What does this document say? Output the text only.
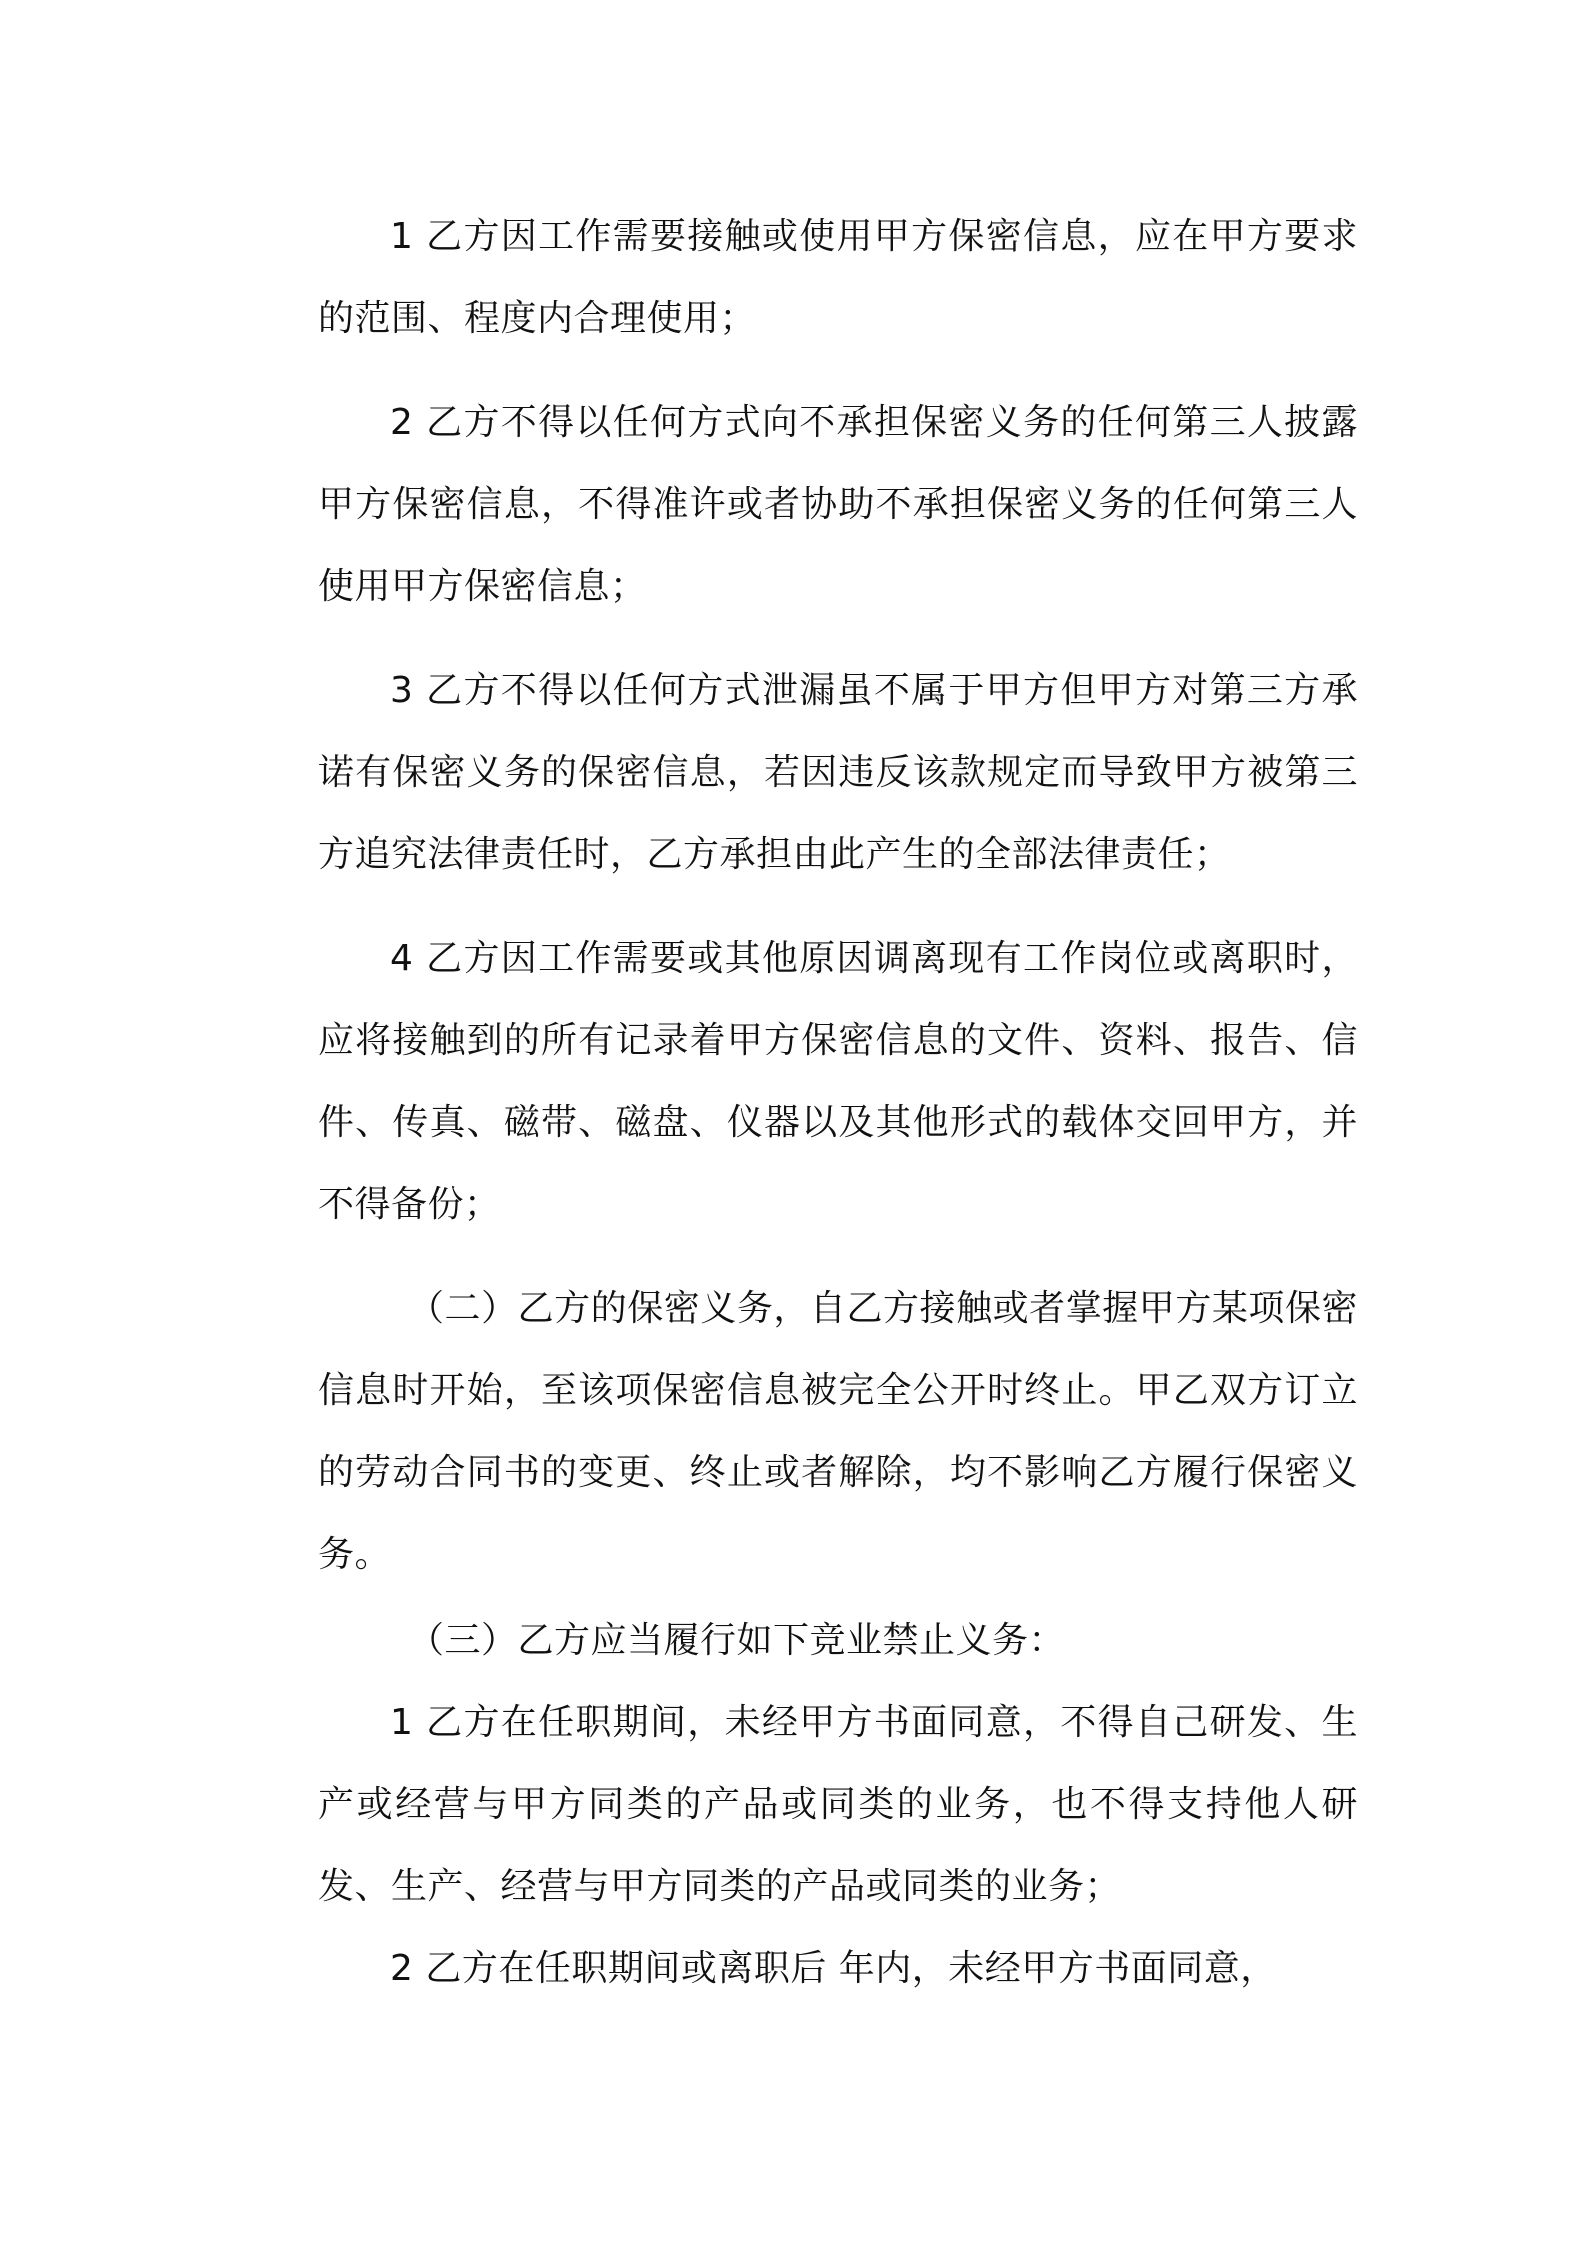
1 乙方因工作需要接触或使用甲方保密信息，应在甲方要求的范围、程度内合理使用；

2 乙方不得以任何方式向不承担保密义务的任何第三人披露甲方保密信息，不得准许或者协助不承担保密义务的任何第三人使用甲方保密信息；

3 乙方不得以任何方式泄漏虽不属于甲方但甲方对第三方承诺有保密义务的保密信息，若因违反该款规定而导致甲方被第三方追究法律责任时，乙方承担由此产生的全部法律责任；

4 乙方因工作需要或其他原因调离现有工作岗位或离职时，应将接触到的所有记录着甲方保密信息的文件、资料、报告、信件、传真、磁带、磁盘、仪器以及其他形式的载体交回甲方，并不得备份；

（二）乙方的保密义务，自乙方接触或者掌握甲方某项保密信息时开始，至该项保密信息被完全公开时终止。甲乙双方订立的劳动合同书的变更、终止或者解除，均不影响乙方履行保密义务。

（三）乙方应当履行如下竞业禁止义务：

1 乙方在任职期间，未经甲方书面同意，不得自己研发、生产或经营与甲方同类的产品或同类的业务，也不得支持他人研发、生产、经营与甲方同类的产品或同类的业务；

2 乙方在任职期间或离职后 年内，未经甲方书面同意，
